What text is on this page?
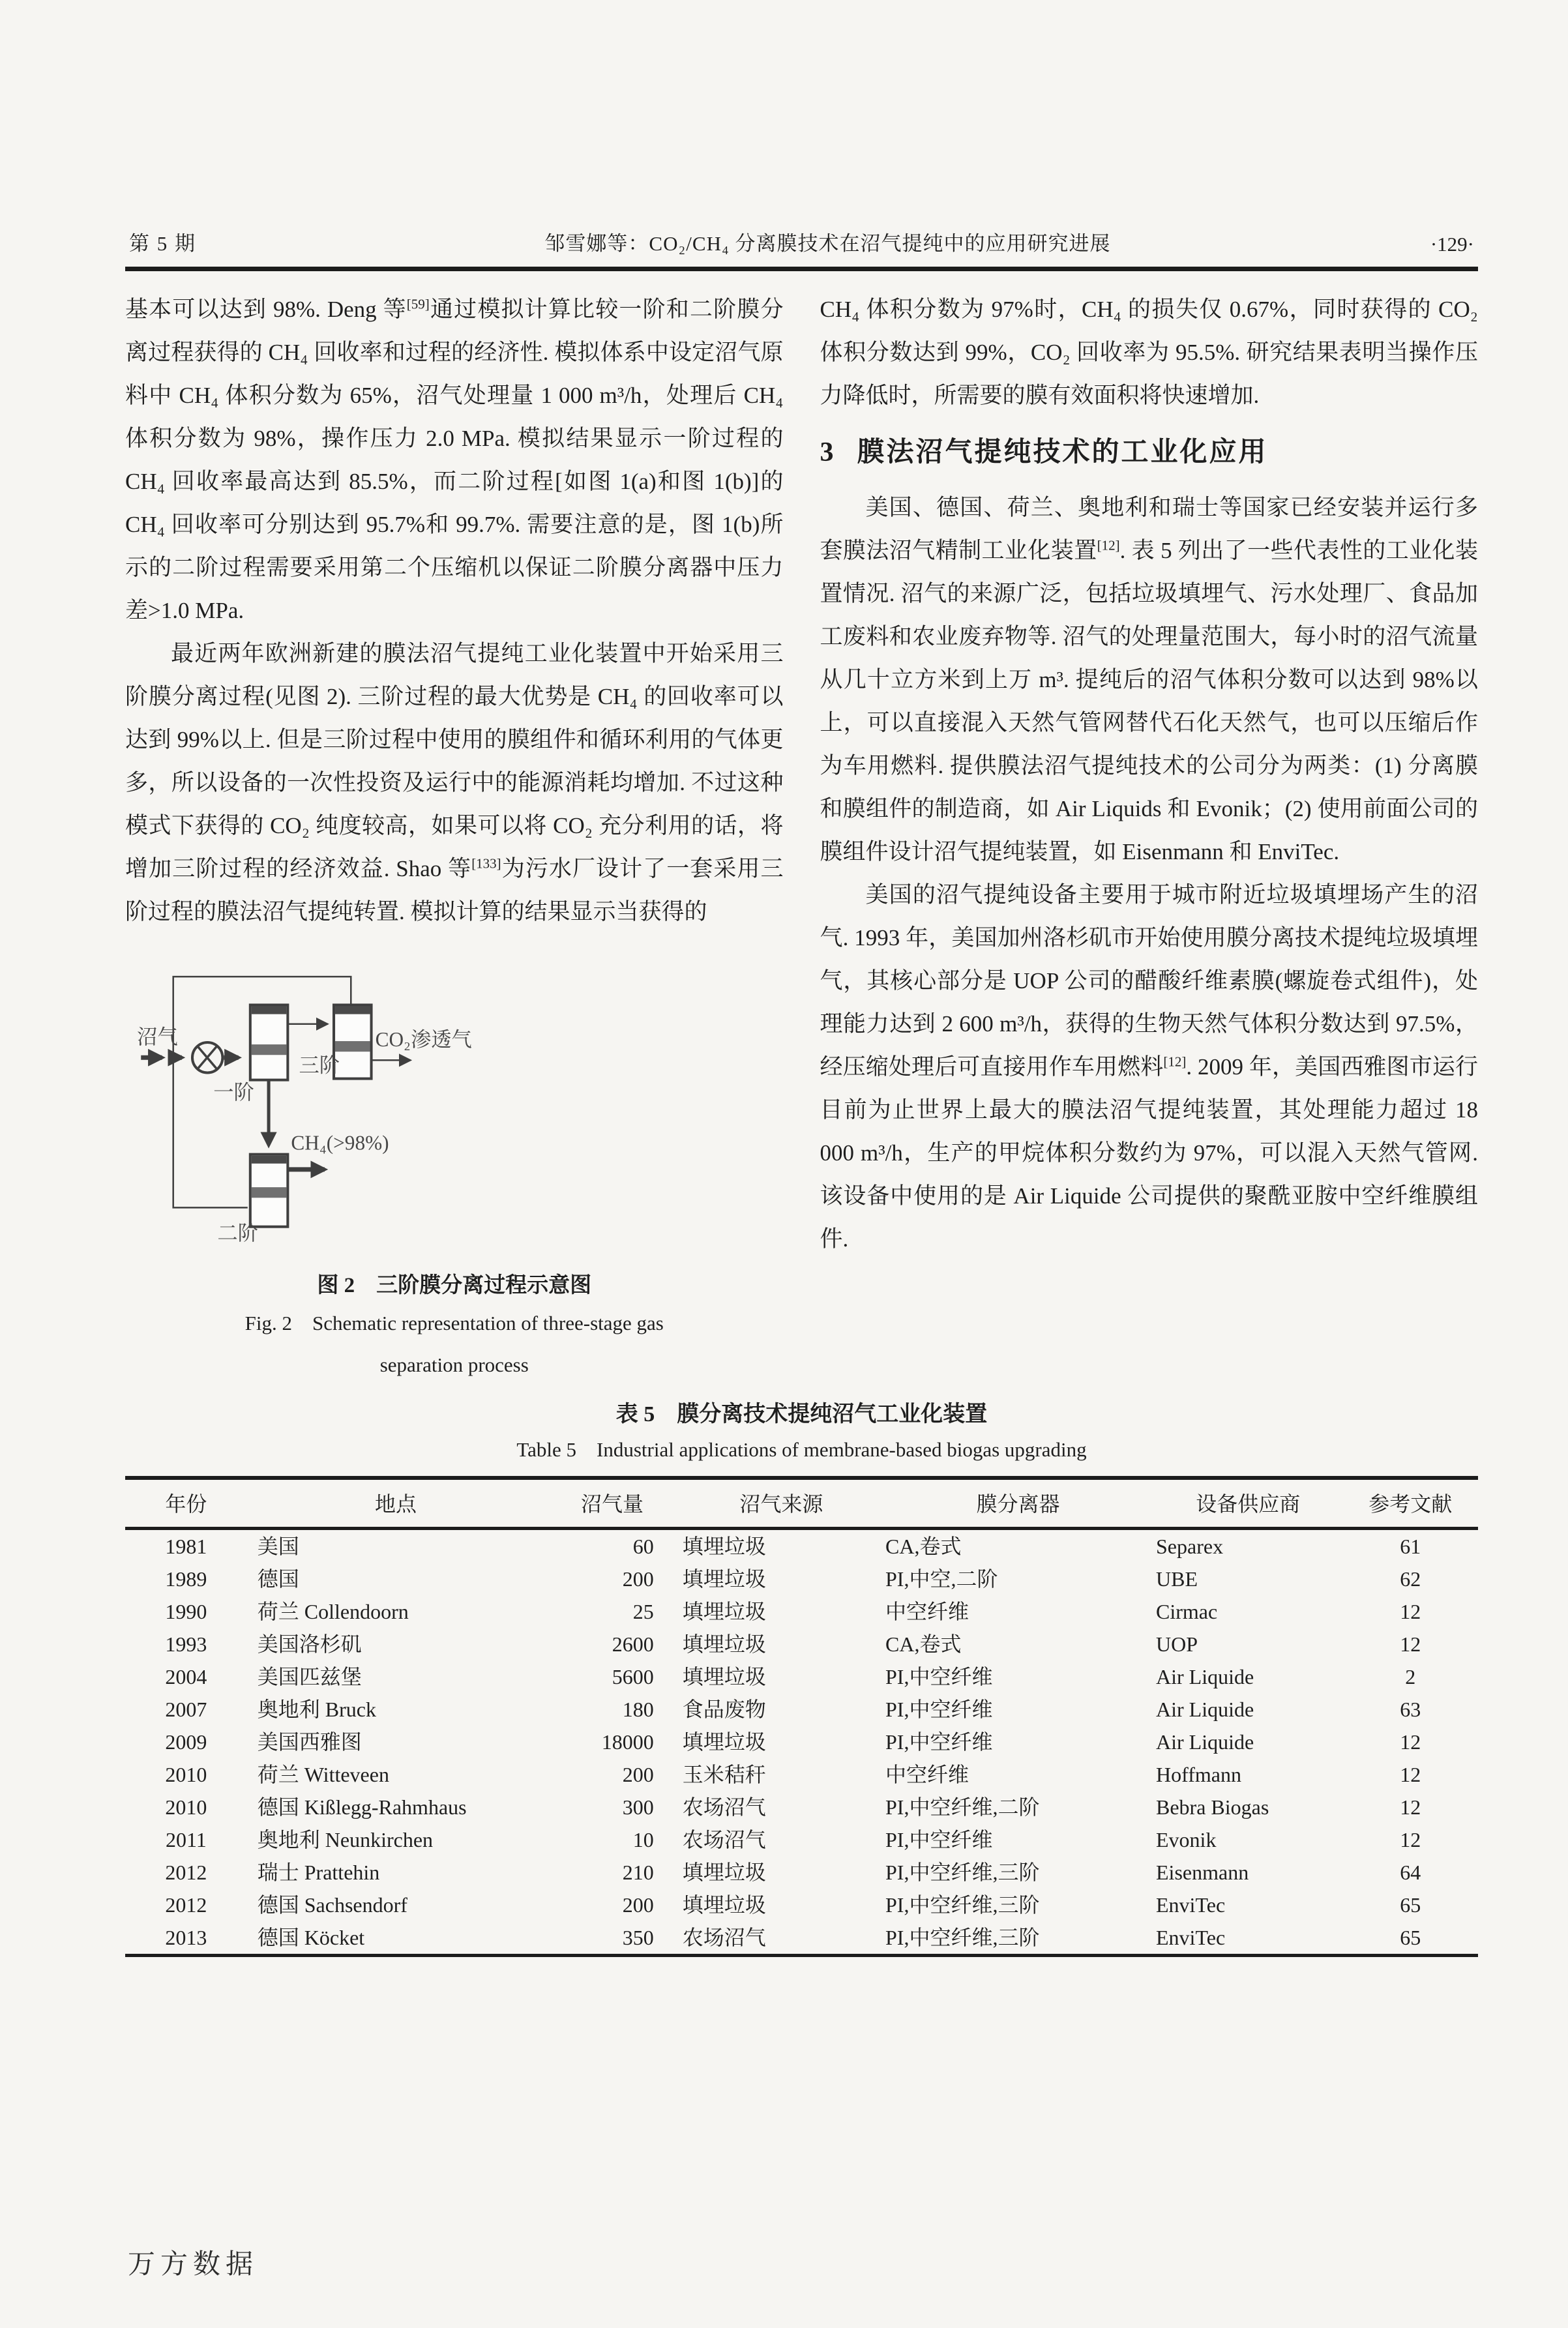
第 5 期	邹雪娜等：CO₂/CH₄ 分离膜技术在沼气提纯中的应用研究进展	·129·

基本可以达到 98%. Deng 等[59]通过模拟计算比较一阶和二阶膜分离过程获得的 CH₄ 回收率和过程的经济性. 模拟体系中设定沼气原料中 CH₄ 体积分数为 65%，沼气处理量 1 000 m³/h，处理后 CH₄ 体积分数为 98%，操作压力 2.0 MPa. 模拟结果显示一阶过程的 CH₄ 回收率最高达到 85.5%，而二阶过程[如图 1(a)和图 1(b)]的 CH₄ 回收率可分别达到 95.7%和 99.7%. 需要注意的是，图 1(b)所示的二阶过程需要采用第二个压缩机以保证二阶膜分离器中压力差>1.0 MPa.

最近两年欧洲新建的膜法沼气提纯工业化装置中开始采用三阶膜分离过程(见图 2). 三阶过程的最大优势是 CH₄ 的回收率可以达到 99%以上. 但是三阶过程中使用的膜组件和循环利用的气体更多，所以设备的一次性投资及运行中的能源消耗均增加. 不过这种模式下获得的 CO₂ 纯度较高，如果可以将 CO₂ 充分利用的话，将增加三阶过程的经济效益. Shao 等[133]为污水厂设计了一套采用三阶过程的膜法沼气提纯转置. 模拟计算的结果显示当获得的

沼气
一阶
三阶
CO₂渗透气
CH₄(>98%)
二阶
图 2　三阶膜分离过程示意图
Fig. 2　Schematic representation of three-stage gas
separation process

CH₄ 体积分数为 97%时，CH₄ 的损失仅 0.67%，同时获得的 CO₂ 体积分数达到 99%，CO₂ 回收率为 95.5%. 研究结果表明当操作压力降低时，所需要的膜有效面积将快速增加.

3 膜法沼气提纯技术的工业化应用

美国、德国、荷兰、奥地利和瑞士等国家已经安装并运行多套膜法沼气精制工业化装置[12]. 表 5 列出了一些代表性的工业化装置情况. 沼气的来源广泛，包括垃圾填埋气、污水处理厂、食品加工废料和农业废弃物等. 沼气的处理量范围大，每小时的沼气流量从几十立方米到上万 m³. 提纯后的沼气体积分数可以达到 98%以上，可以直接混入天然气管网替代石化天然气，也可以压缩后作为车用燃料. 提供膜法沼气提纯技术的公司分为两类：(1) 分离膜和膜组件的制造商，如 Air Liquids 和 Evonik；(2) 使用前面公司的膜组件设计沼气提纯装置，如 Eisenmann 和 EnviTec.

美国的沼气提纯设备主要用于城市附近垃圾填埋场产生的沼气. 1993 年，美国加州洛杉矶市开始使用膜分离技术提纯垃圾填埋气，其核心部分是 UOP 公司的醋酸纤维素膜(螺旋卷式组件)，处理能力达到 2 600 m³/h，获得的生物天然气体积分数达到 97.5%，经压缩处理后可直接用作车用燃料[12]. 2009 年，美国西雅图市运行目前为止世界上最大的膜法沼气提纯装置，其处理能力超过 18 000 m³/h，生产的甲烷体积分数约为 97%，可以混入天然气管网. 该设备中使用的是 Air Liquide 公司提供的聚酰亚胺中空纤维膜组件.

表 5　膜分离技术提纯沼气工业化装置
Table 5　Industrial applications of membrane-based biogas upgrading
年份	地点	沼气量	沼气来源	膜分离器	设备供应商	参考文献
1981	美国	60	填埋垃圾	CA,卷式	Separex	61
1989	德国	200	填埋垃圾	PI,中空,二阶	UBE	62
1990	荷兰 Collendoorn	25	填埋垃圾	中空纤维	Cirmac	12
1993	美国洛杉矶	2600	填埋垃圾	CA,卷式	UOP	12
2004	美国匹兹堡	5600	填埋垃圾	PI,中空纤维	Air Liquide	2
2007	奥地利 Bruck	180	食品废物	PI,中空纤维	Air Liquide	63
2009	美国西雅图	18000	填埋垃圾	PI,中空纤维	Air Liquide	12
2010	荷兰 Witteveen	200	玉米秸秆	中空纤维	Hoffmann	12
2010	德国 Kißlegg-Rahmhaus	300	农场沼气	PI,中空纤维,二阶	Bebra Biogas	12
2011	奥地利 Neunkirchen	10	农场沼气	PI,中空纤维	Evonik	12
2012	瑞士 Prattehin	210	填埋垃圾	PI,中空纤维,三阶	Eisenmann	64
2012	德国 Sachsendorf	200	填埋垃圾	PI,中空纤维,三阶	EnviTec	65
2013	德国 Köcket	350	农场沼气	PI,中空纤维,三阶	EnviTec	65
万方数据
